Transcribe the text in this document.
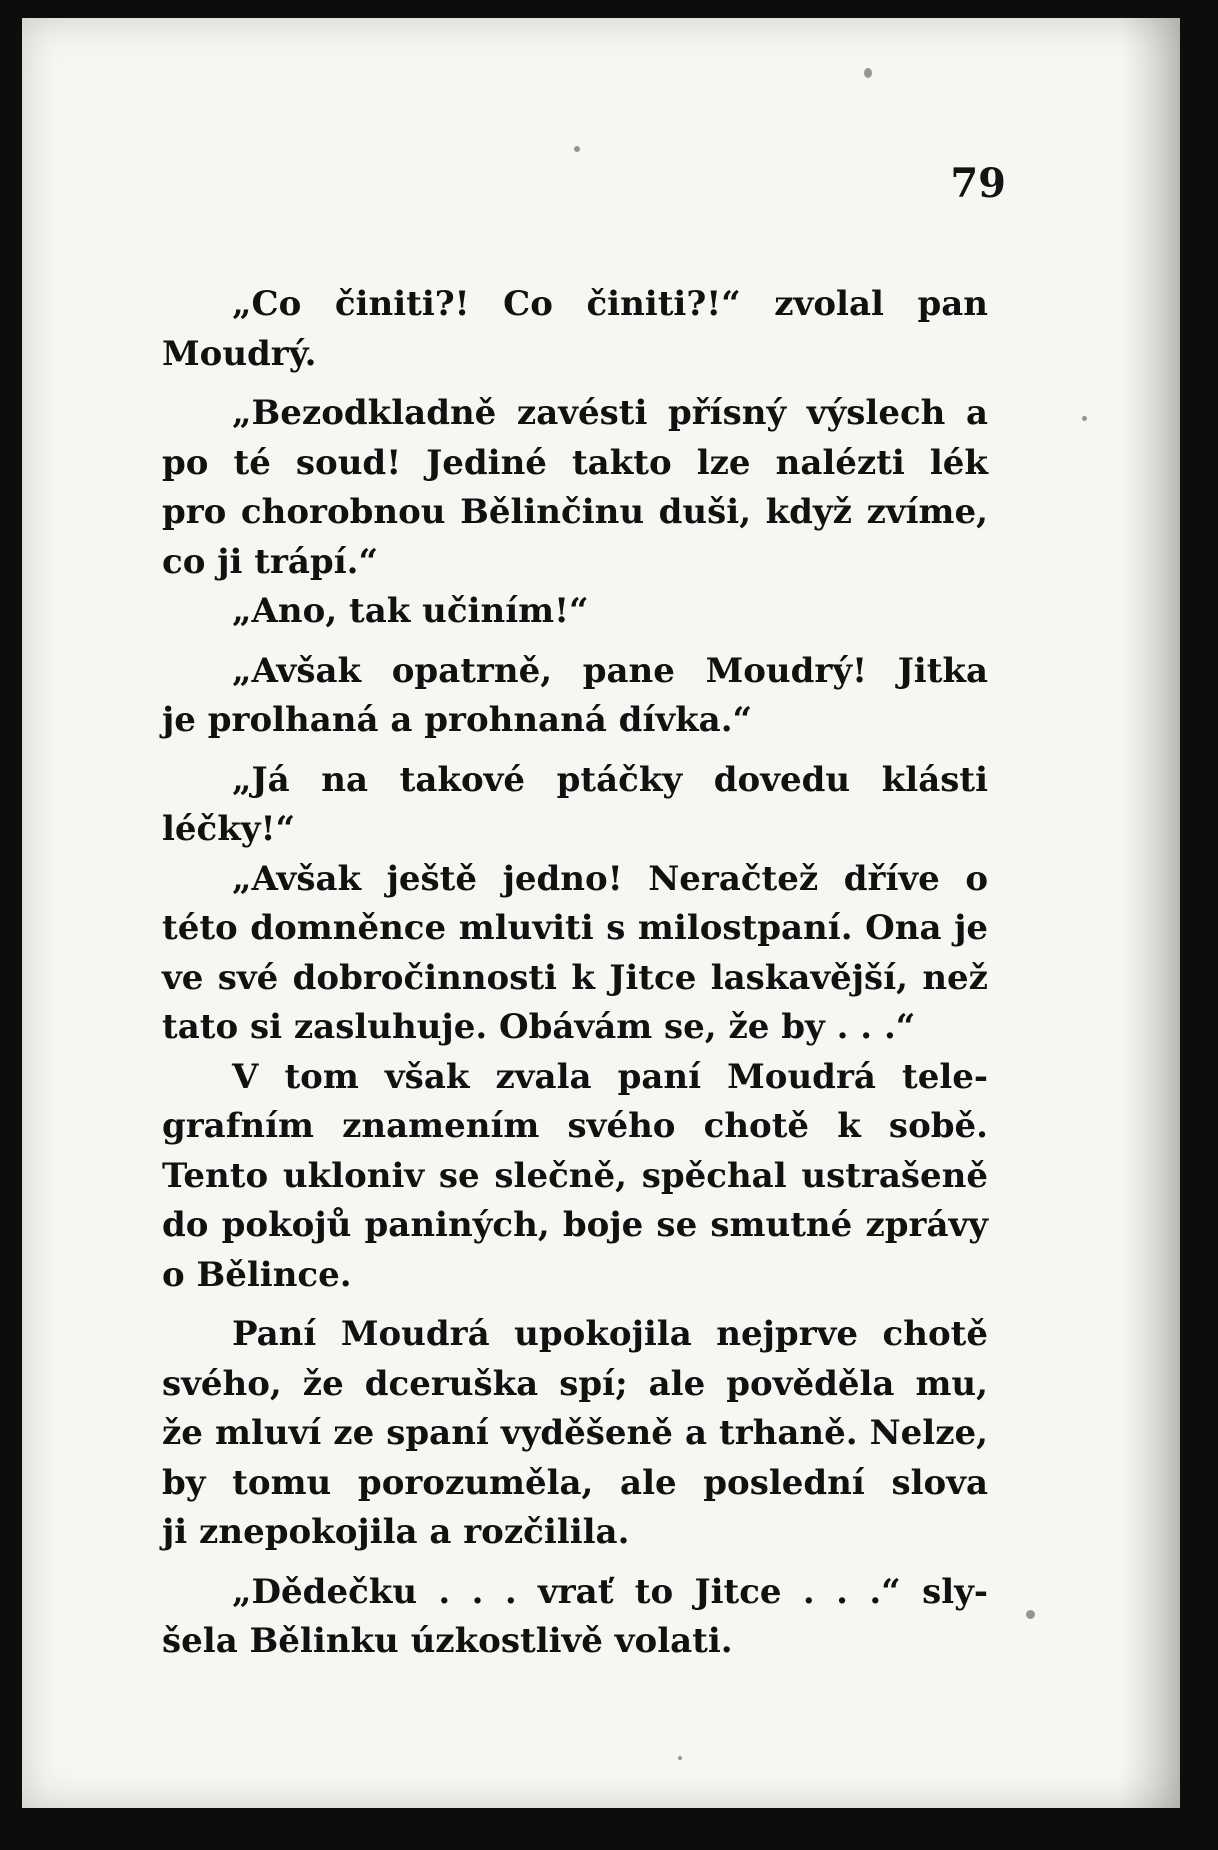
79
„Co činiti?! Co činiti?!“ zvolal pan
Moudrý.
„Bezodkladně zavésti přísný výslech a
po té soud! Jediné takto lze nalézti lék
pro chorobnou Bělinčinu duši, když zvíme,
co ji trápí.“
„Ano, tak učiním!“
„Avšak opatrně, pane Moudrý! Jitka
je prolhaná a prohnaná dívka.“
„Já na takové ptáčky dovedu klásti
léčky!“
„Avšak ještě jedno! Neračtež dříve o
této domněnce mluviti s milostpaní. Ona je
ve své dobročinnosti k Jitce laskavější, než
tato si zasluhuje. Obávám se, že by . . .“
V tom však zvala paní Moudrá tele-
grafním znamením svého chotě k sobě.
Tento ukloniv se slečně, spěchal ustrašeně
do pokojů paniných, boje se smutné zprávy
o Bělince.
Paní Moudrá upokojila nejprve chotě
svého, že dceruška spí; ale pověděla mu,
že mluví ze spaní vyděšeně a trhaně. Nelze,
by tomu porozuměla, ale poslední slova
ji znepokojila a rozčilila.
„Dědečku . . . vrať to Jitce . . .“ sly-
šela Bělinku úzkostlivě volati.
